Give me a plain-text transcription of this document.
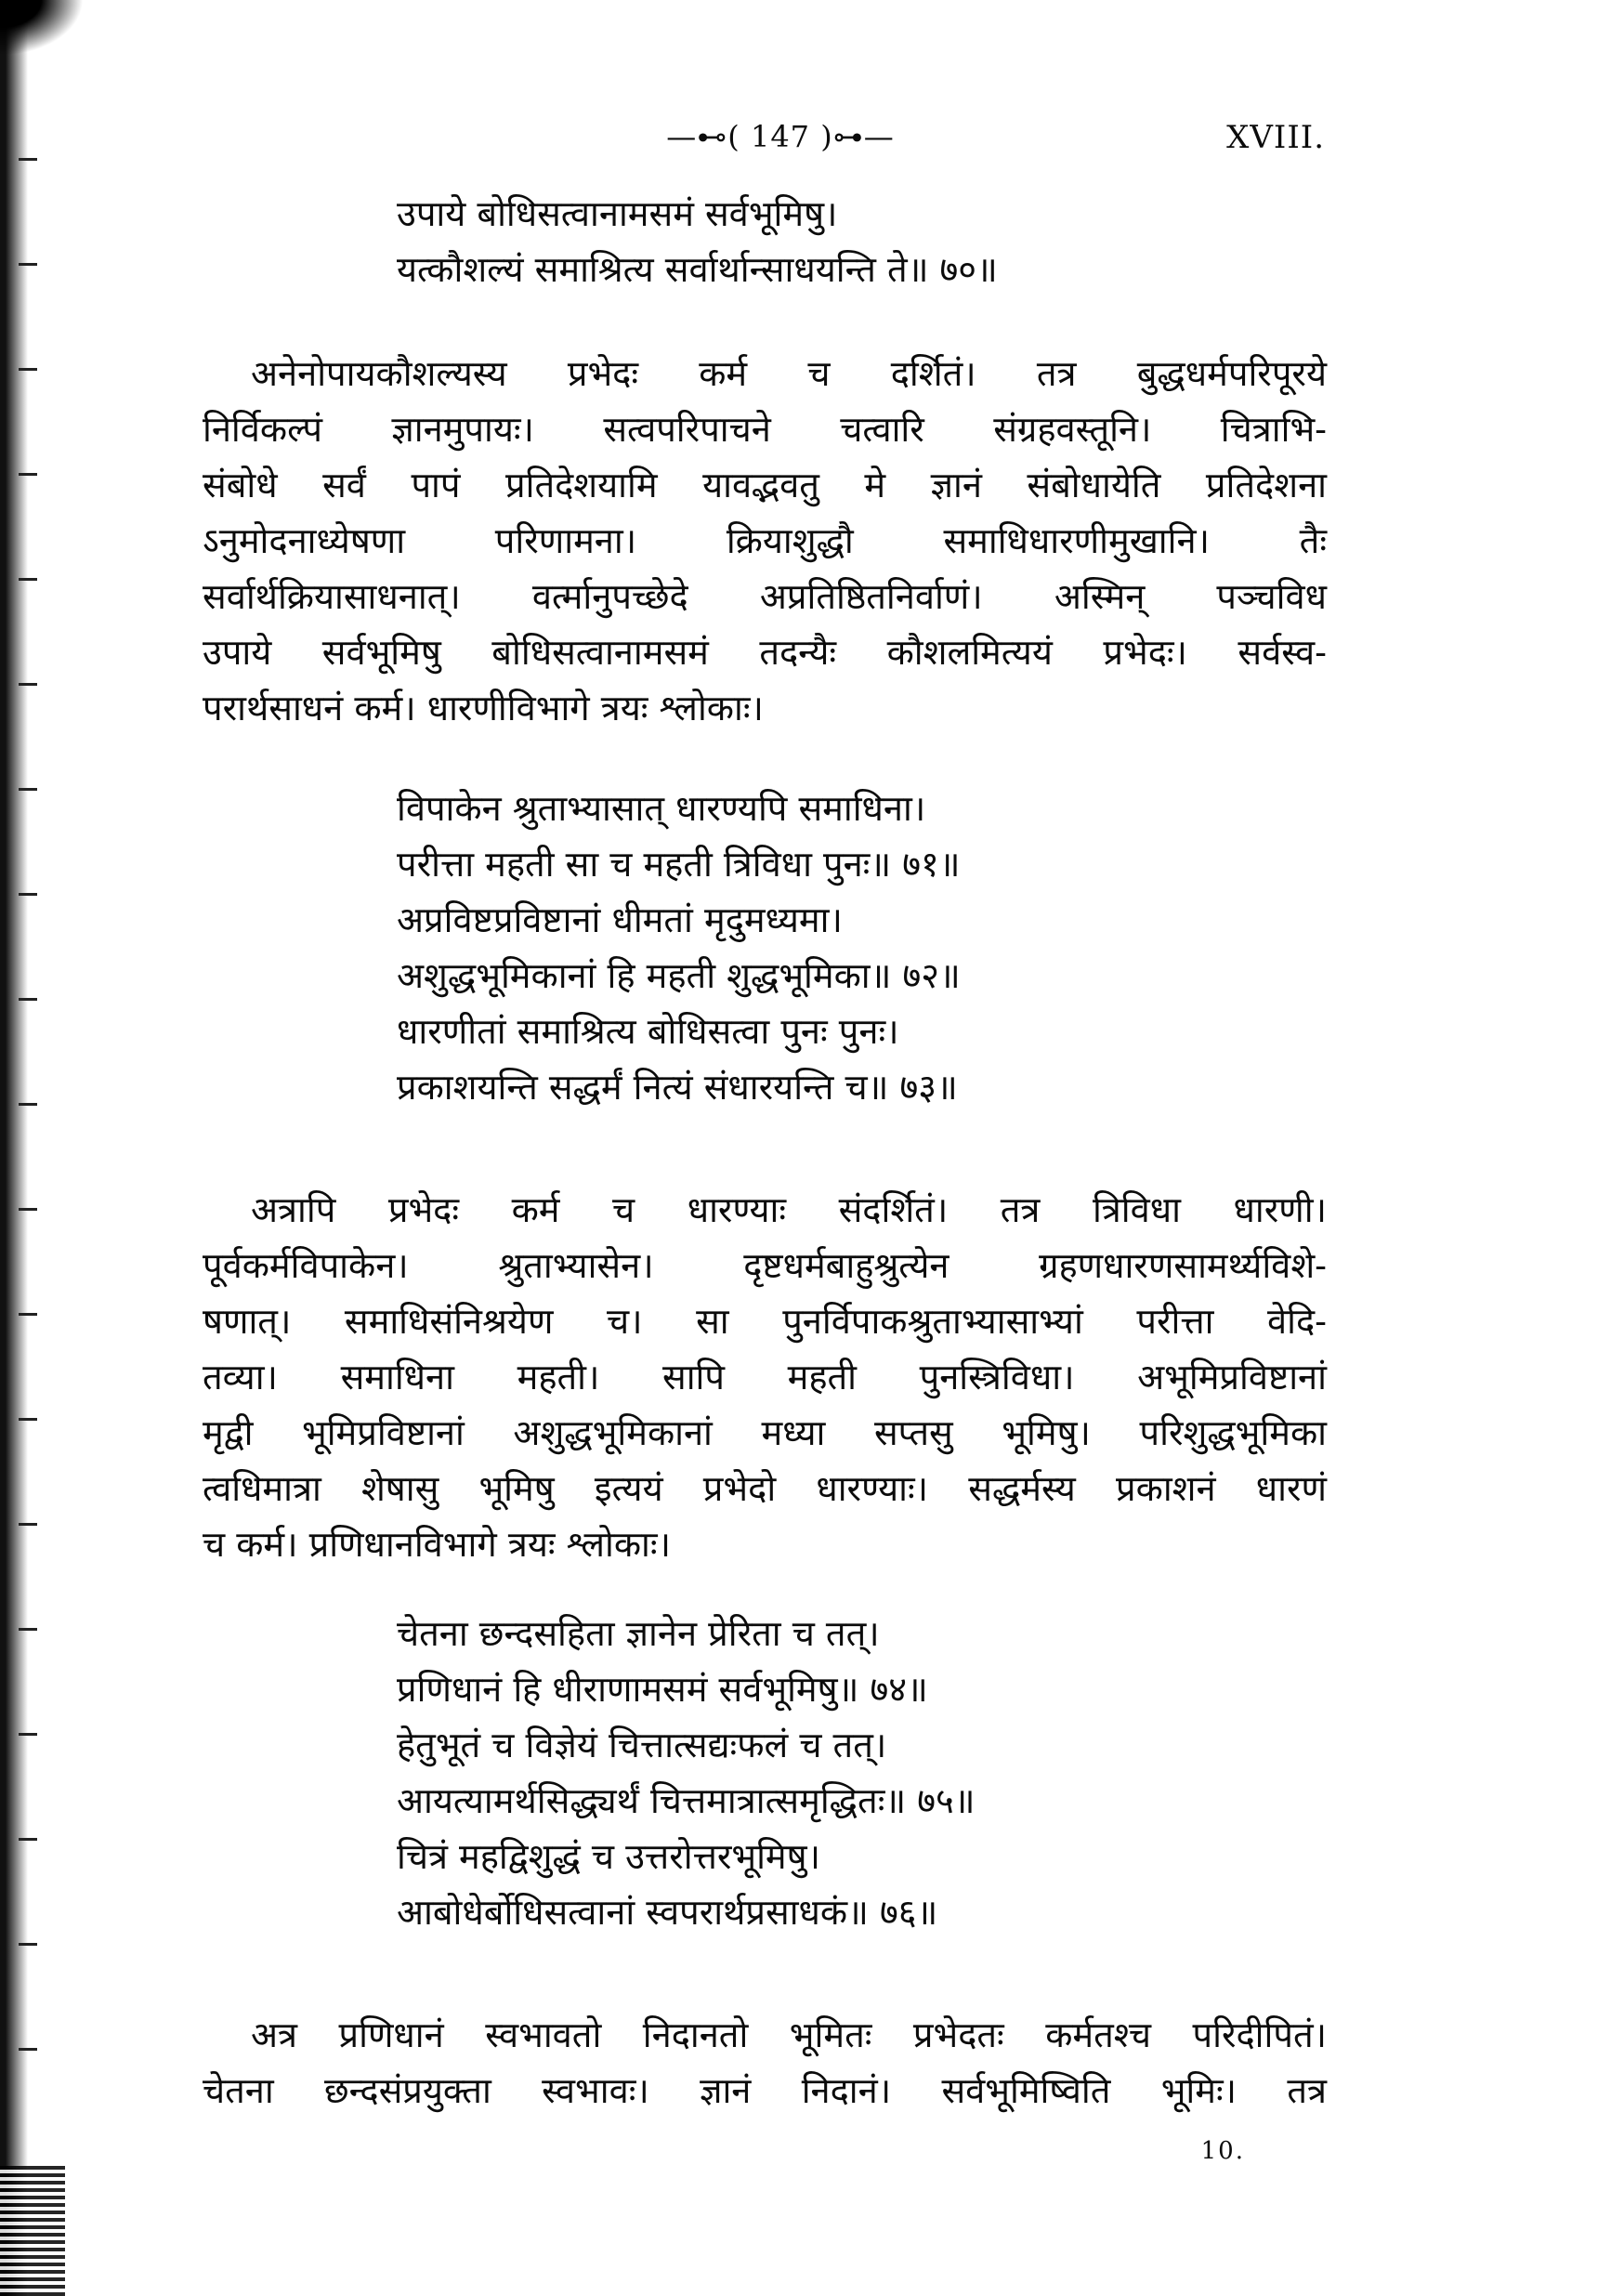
—⊷( 147 )⊶—	XVIII.
उपाये बोधिसत्वानामसमं सर्वभूमिषु।
यत्कौशल्यं समाश्रित्य सर्वार्थान्साधयन्ति ते॥ ७०॥
अनेनोपायकौशल्यस्य प्रभेदः कर्म च दर्शितं। तत्र बुद्धधर्मपरिपूरये
निर्विकल्पं ज्ञानमुपायः। सत्वपरिपाचने चत्वारि संग्रहवस्तूनि। चित्राभि-
संबोधे सर्वं पापं प्रतिदेशयामि यावद्भवतु मे ज्ञानं संबोधायेति प्रतिदेशना
ऽनुमोदनाध्येषणा परिणामना। क्रियाशुद्धौ समाधिधारणीमुखानि। तैः
सर्वार्थक्रियासाधनात्। वर्त्मानुपच्छेदे अप्रतिष्ठितनिर्वाणं। अस्मिन् पञ्चविध
उपाये सर्वभूमिषु बोधिसत्वानामसमं तदन्यैः कौशलमित्ययं प्रभेदः। सर्वस्व-
परार्थसाधनं कर्म। धारणीविभागे त्रयः श्लोकाः।
विपाकेन श्रुताभ्यासात् धारण्यपि समाधिना।
परीत्ता महती सा च महती त्रिविधा पुनः॥ ७१॥
अप्रविष्टप्रविष्टानां धीमतां मृदुमध्यमा।
अशुद्धभूमिकानां हि महती शुद्धभूमिका॥ ७२॥
धारणीतां समाश्रित्य बोधिसत्वा पुनः पुनः।
प्रकाशयन्ति सद्धर्मं नित्यं संधारयन्ति च॥ ७३॥
अत्रापि प्रभेदः कर्म च धारण्याः संदर्शितं। तत्र त्रिविधा धारणी।
पूर्वकर्मविपाकेन। श्रुताभ्यासेन। दृष्टधर्मबाहुश्रुत्येन ग्रहणधारणसामर्थ्यविशे-
षणात्। समाधिसंनिश्रयेण च। सा पुनर्विपाकश्रुताभ्यासाभ्यां परीत्ता वेदि-
तव्या। समाधिना महती। सापि महती पुनस्त्रिविधा। अभूमिप्रविष्टानां
मृद्वी भूमिप्रविष्टानां अशुद्धभूमिकानां मध्या सप्तसु भूमिषु। परिशुद्धभूमिका
त्वधिमात्रा शेषासु भूमिषु इत्ययं प्रभेदो धारण्याः। सद्धर्मस्य प्रकाशनं धारणं
च कर्म। प्रणिधानविभागे त्रयः श्लोकाः।
चेतना छन्दसहिता ज्ञानेन प्रेरिता च तत्।
प्रणिधानं हि धीराणामसमं सर्वभूमिषु॥ ७४॥
हेतुभूतं च विज्ञेयं चित्तात्सद्यःफलं च तत्।
आयत्यामर्थसिद्ध्यर्थं चित्तमात्रात्समृद्धितः॥ ७५॥
चित्रं महद्विशुद्धं च उत्तरोत्तरभूमिषु।
आबोधेर्बोधिसत्वानां स्वपरार्थप्रसाधकं॥ ७६॥
अत्र प्रणिधानं स्वभावतो निदानतो भूमितः प्रभेदतः कर्मतश्च परिदीपितं।
चेतना छन्दसंप्रयुक्ता स्वभावः। ज्ञानं निदानं। सर्वभूमिष्विति भूमिः। तत्र
10.
